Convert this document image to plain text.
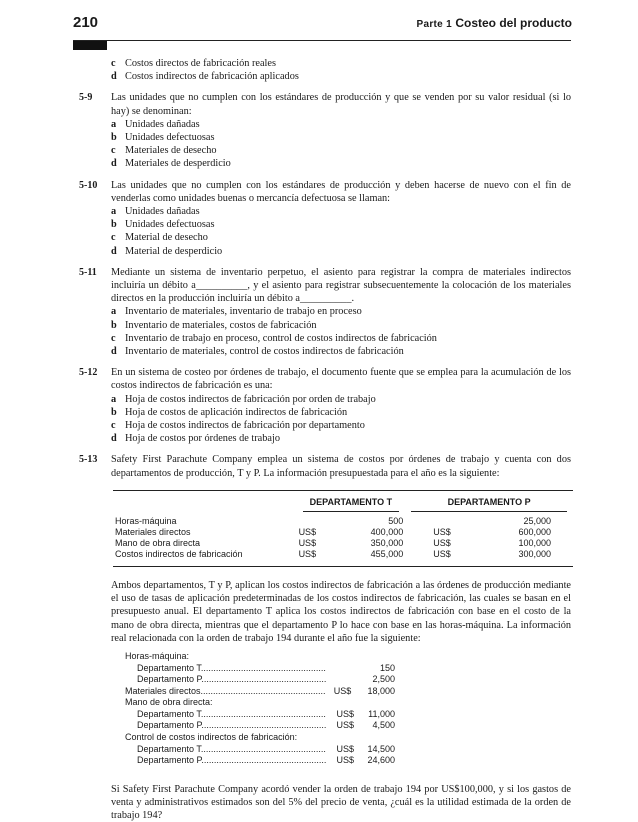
210	Parte 1 Costeo del producto
c Costos directos de fabricación reales
d Costos indirectos de fabricación aplicados
5-9 Las unidades que no cumplen con los estándares de producción y que se venden por su valor residual (si lo hay) se denominan:
a Unidades dañadas
b Unidades defectuosas
c Materiales de desecho
d Materiales de desperdicio
5-10 Las unidades que no cumplen con los estándares de producción y deben hacerse de nuevo con el fin de venderlas como unidades buenas o mercancía defectuosa se llaman:
a Unidades dañadas
b Unidades defectuosas
c Material de desecho
d Material de desperdicio
5-11 Mediante un sistema de inventario perpetuo, el asiento para registrar la compra de materiales indirectos incluiría un débito a__________, y el asiento para registrar subsecuentemente la colocación de los materiales directos en la producción incluiría un débito a__________.
a Inventario de materiales, inventario de trabajo en proceso
b Inventario de materiales, costos de fabricación
c Inventario de trabajo en proceso, control de costos indirectos de fabricación
d Inventario de materiales, control de costos indirectos de fabricación
5-12 En un sistema de costeo por órdenes de trabajo, el documento fuente que se emplea para la acumulación de los costos indirectos de fabricación es una:
a Hoja de costos indirectos de fabricación por orden de trabajo
b Hoja de costos de aplicación indirectos de fabricación
c Hoja de costos indirectos de fabricación por departamento
d Hoja de costos por órdenes de trabajo
5-13 Safety First Parachute Company emplea un sistema de costos por órdenes de trabajo y cuenta con dos departamentos de producción, T y P. La información presupuestada para el año es la siguiente:

	DEPARTAMENTO T		DEPARTAMENTO P	

Horas-máquina		500		25,000
Materiales directos	US$	400,000	US$	600,000
Mano de obra directa	US$	350,000	US$	100,000
Costos indirectos de fabricación	US$	455,000	US$	300,000

Ambos departamentos, T y P, aplican los costos indirectos de fabricación a las órdenes de producción mediante el uso de tasas de aplicación predeterminadas de los costos indirectos de fabricación, las cuales se basan en el presupuesto anual. El departamento T aplica los costos indirectos de fabricación con base en el costo de la mano de obra directa, mientras que el departamento P lo hace con base en las horas-máquina. La información real relacionada con la orden de trabajo 194 durante el año fue la siguiente:
Horas-máquina:
Departamento T..................................................	150
Departamento P..................................................	2,500
Materiales directos.................................................. US$	18,000
Mano de obra directa:
Departamento T..................................................	US$	11,000
Departamento P..................................................	US$	4,500
Control de costos indirectos de fabricación:
Departamento T..................................................	US$	14,500
Departamento P..................................................	US$	24,600
Si Safety First Parachute Company acordó vender la orden de trabajo 194 por US$100,000, y si los gastos de venta y administrativos estimados son del 5% del precio de venta, ¿cuál es la utilidad estimada de la orden de trabajo 194?
